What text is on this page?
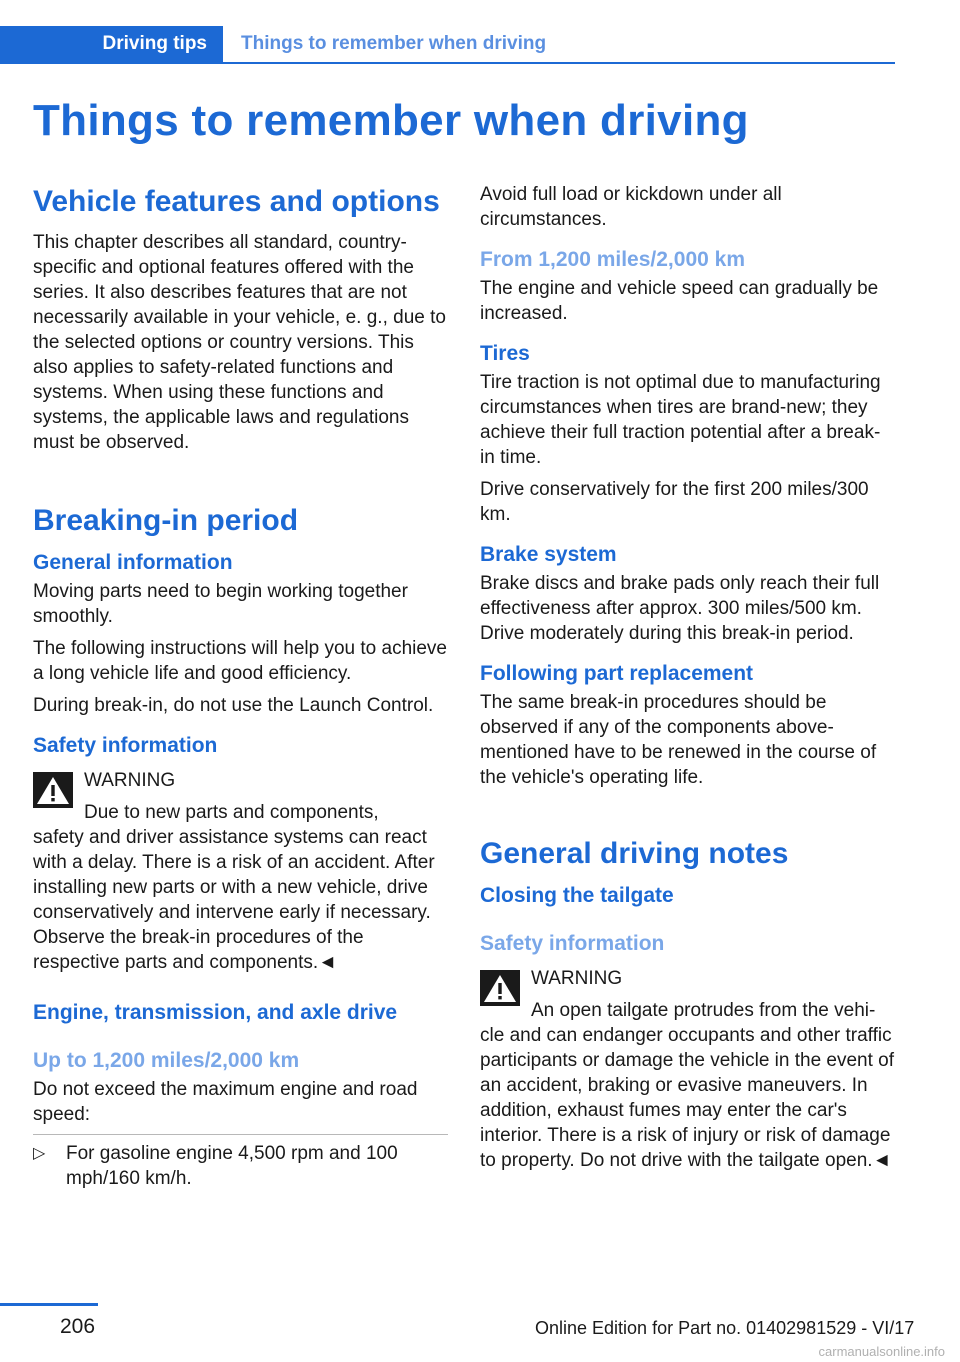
Driving tips	Things to remember when driving
Things to remember when driving
Vehicle features and options

This chapter describes all standard, country-specific and optional features offered with the series. It also describes features that are not necessarily available in your vehicle, e. g., due to the selected options or country versions. This also applies to safety-related functions and systems. When using these functions and systems, the applicable laws and regulations must be observed.

Breaking-in period
General information

Moving parts need to begin working together smoothly.

The following instructions will help you to achieve a long vehicle life and good efficiency.

During break-in, do not use the Launch Control.

Safety information
WARNING
Due to new parts and components,

safety and driver assistance systems can react with a delay. There is a risk of an accident. After installing new parts or with a new vehicle, drive conservatively and intervene early if necessary. Observe the break-in procedures of the respective parts and components.◄

Engine, transmission, and axle drive
Up to 1,200 miles/2,000 km

Do not exceed the maximum engine and road speed:

▷ For gasoline engine 4,500 rpm and 100 mph/160 km/h.

Avoid full load or kickdown under all circumstances.

From 1,200 miles/2,000 km

The engine and vehicle speed can gradually be increased.

Tires

Tire traction is not optimal due to manufacturing circumstances when tires are brand-new; they achieve their full traction potential after a break-in time.

Drive conservatively for the first 200 miles/300 km.

Brake system

Brake discs and brake pads only reach their full effectiveness after approx. 300 miles/500 km. Drive moderately during this break-in period.

Following part replacement

The same break-in procedures should be observed if any of the components above-mentioned have to be renewed in the course of the vehicle's operating life.

General driving notes
Closing the tailgate
Safety information
WARNING
An open tailgate protrudes from the vehi-

cle and can endanger occupants and other traffic participants or damage the vehicle in the event of an accident, braking or evasive maneuvers. In addition, exhaust fumes may enter the car's interior. There is a risk of injury or risk of damage to property. Do not drive with the tailgate open.◄

206	Online Edition for Part no. 01402981529 - VI/17
carmanualsonline.info
